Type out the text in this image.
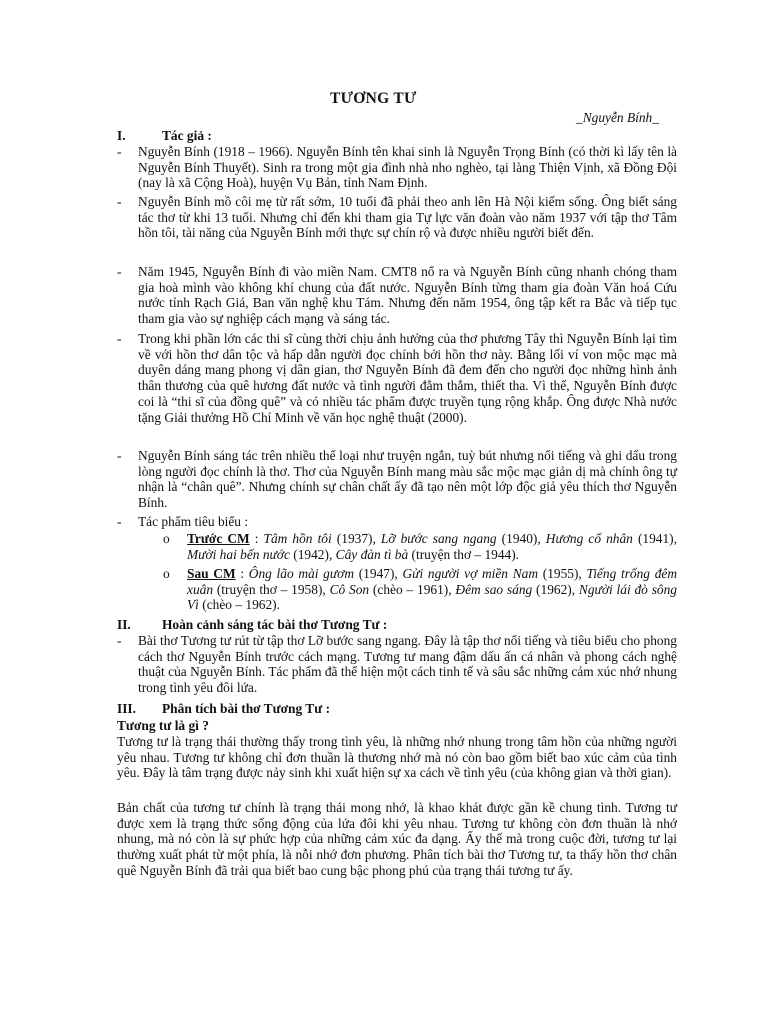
TƯƠNG TƯ
_Nguyễn Bính_
I.	Tác giả :
- Nguyễn Bính (1918 – 1966). Nguyễn Bính tên khai sinh là Nguyễn Trọng Bính (có thời kì lấy tên là Nguyễn Bính Thuyết). Sinh ra trong một gia đình nhà nho nghèo, tại làng Thiện Vịnh, xã Đồng Đội (nay là xã Cộng Hoà), huyện Vụ Bản, tỉnh Nam Định.
- Nguyễn Bính mồ côi mẹ từ rất sớm, 10 tuổi đã phải theo anh lên Hà Nội kiếm sống. Ông biết sáng tác thơ từ khi 13 tuổi. Nhưng chỉ đến khi tham gia Tự lực văn đoàn vào năm 1937 với tập thơ Tâm hồn tôi, tài năng của Nguyễn Bính mới thực sự chín rộ và được nhiều người biết đến.
- Năm 1945, Nguyễn Bính đi vào miền Nam. CMT8 nổ ra và Nguyễn Bính cũng nhanh chóng tham gia hoà mình vào không khí chung của đất nước. Nguyễn Bính từng tham gia đoàn Văn hoá Cứu nước tỉnh Rạch Giá, Ban văn nghệ khu Tám. Nhưng đến năm 1954, ông tập kết ra Bắc và tiếp tục tham gia vào sự nghiệp cách mạng và sáng tác.
- Trong khi phần lớn các thi sĩ cùng thời chịu ảnh hưởng của thơ phương Tây thì Nguyễn Bính lại tìm về với hồn thơ dân tộc và hấp dẫn người đọc chính bởi hồn thơ này. Bằng lối ví von mộc mạc mà duyên dáng mang phong vị dân gian, thơ Nguyễn Bính đã đem đến cho người đọc những hình ảnh thân thương của quê hương đất nước và tình người đằm thắm, thiết tha. Vì thế, Nguyễn Bính được coi là “thi sĩ của đồng quê” và có nhiều tác phẩm được truyền tụng rộng khắp. Ông được Nhà nước tặng Giải thưởng Hồ Chí Minh về văn học nghệ thuật (2000).
- Nguyễn Bính sáng tác trên nhiều thể loại như truyện ngắn, tuỳ bút nhưng nổi tiếng và ghi dấu trong lòng người đọc chính là thơ. Thơ của Nguyễn Bính mang màu sắc mộc mạc giản dị mà chính ông tự nhận là “chân quê”. Nhưng chính sự chân chất ấy đã tạo nên một lớp độc giả yêu thích thơ Nguyễn Bính.
- Tác phẩm tiêu biểu :
o Trước CM : Tâm hồn tôi (1937), Lỡ bước sang ngang (1940), Hương cố nhân (1941), Mười hai bến nước (1942), Cây đàn tì bà (truyện thơ – 1944).
o Sau CM : Ông lão mài gươm (1947), Gửi người vợ miền Nam (1955), Tiếng trống đêm xuân (truyện thơ – 1958), Cô Son (chèo – 1961), Đêm sao sáng (1962), Người lái đò sông Vì (chèo – 1962).
II. Hoàn cảnh sáng tác bài thơ Tương Tư :
- Bài thơ Tương tư rút từ tập thơ Lỡ bước sang ngang. Đây là tập thơ nổi tiếng và tiêu biểu cho phong cách thơ Nguyễn Bính trước cách mạng. Tương tư mang đậm dấu ấn cá nhân và phong cách nghệ thuật của Nguyễn Bính. Tác phẩm đã thể hiện một cách tinh tế và sâu sắc những cảm xúc nhớ nhung trong tình yêu đôi lứa.
III. Phân tích bài thơ Tương Tư :
Tương tư là gì ?
Tương tư là trạng thái thường thấy trong tình yêu, là những nhớ nhung trong tâm hồn của những người yêu nhau. Tương tư không chỉ đơn thuần là thương nhớ mà nó còn bao gồm biết bao xúc cảm của tình yêu. Đây là tâm trạng được nảy sinh khi xuất hiện sự xa cách về tình yêu (của không gian và thời gian).
Bản chất của tương tư chính là trạng thái mong nhớ, là khao khát được gần kề chung tình. Tương tư được xem là trạng thức sống động của lứa đôi khi yêu nhau. Tương tư không còn đơn thuần là nhớ nhung, mà nó còn là sự phức hợp của những cảm xúc đa dạng. Ấy thế mà trong cuộc đời, tương tư lại thường xuất phát từ một phía, là nỗi nhớ đơn phương. Phân tích bài thơ Tương tư, ta thấy hồn thơ chân quê Nguyễn Bính đã trải qua biết bao cung bậc phong phú của trạng thái tương tư ấy.
